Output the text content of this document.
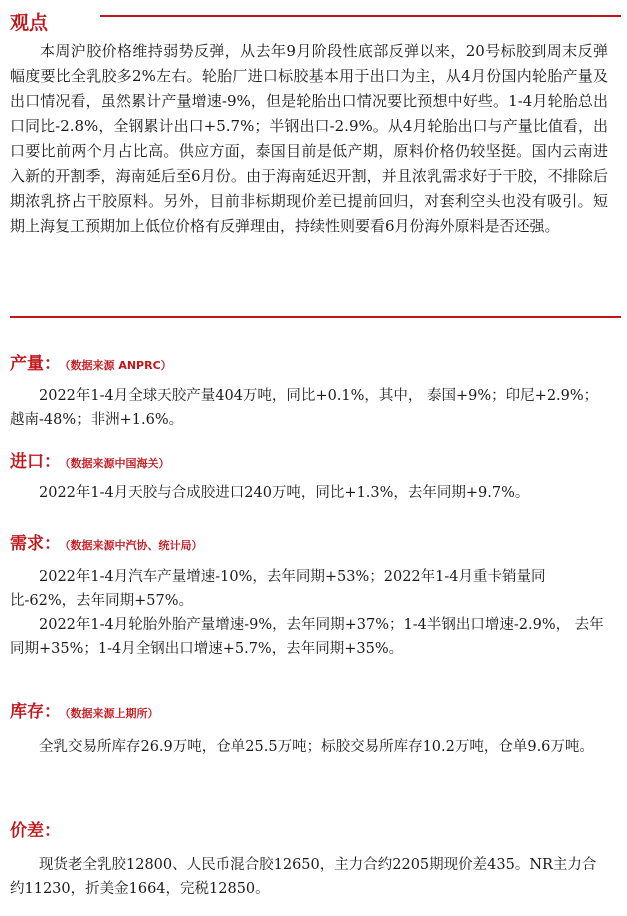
观点

本周沪胶价格维持弱势反弹，从去年9月阶段性底部反弹以来，20号标胶到周末反弹幅度要比全乳胶多2%左右。轮胎厂进口标胶基本用于出口为主，从4月份国内轮胎产量及出口情况看，虽然累计产量增速-9%，但是轮胎出口情况要比预想中好些。1-4月轮胎总出口同比-2.8%，全钢累计出口+5.7%；半钢出口-2.9%。从4月轮胎出口与产量比值看，出口要比前两个月占比高。供应方面，泰国目前是低产期，原料价格仍较坚挺。国内云南进入新的开割季，海南延后至6月份。由于海南延迟开割，并且浓乳需求好于干胶，不排除后期浓乳挤占干胶原料。另外，目前非标期现价差已提前回归，对套利空头也没有吸引。短期上海复工预期加上低位价格有反弹理由，持续性则要看6月份海外原料是否还强。

产量： （数据来源 ANPRC）

2022年1-4月全球天胶产量404万吨，同比+0.1%，其中， 泰国+9%；印尼+2.9%；越南-48%；非洲+1.6%。

进口： （数据来源中国海关）

2022年1-4月天胶与合成胶进口240万吨，同比+1.3%，去年同期+9.7%。

需求： （数据来源中汽协、统计局）

2022年1-4月汽车产量增速-10%，去年同期+53%；2022年1-4月重卡销量同比-62%，去年同期+57%。

2022年1-4月轮胎外胎产量增速-9%，去年同期+37%；1-4半钢出口增速-2.9%， 去年同期+35%；1-4月全钢出口增速+5.7%，去年同期+35%。

库存： （数据来源上期所）

全乳交易所库存26.9万吨，仓单25.5万吨；标胶交易所库存10.2万吨，仓单9.6万吨。

价差：

现货老全乳胶12800、人民币混合胶12650，主力合约2205期现价差435。NR主力合约11230，折美金1664，完税12850。
